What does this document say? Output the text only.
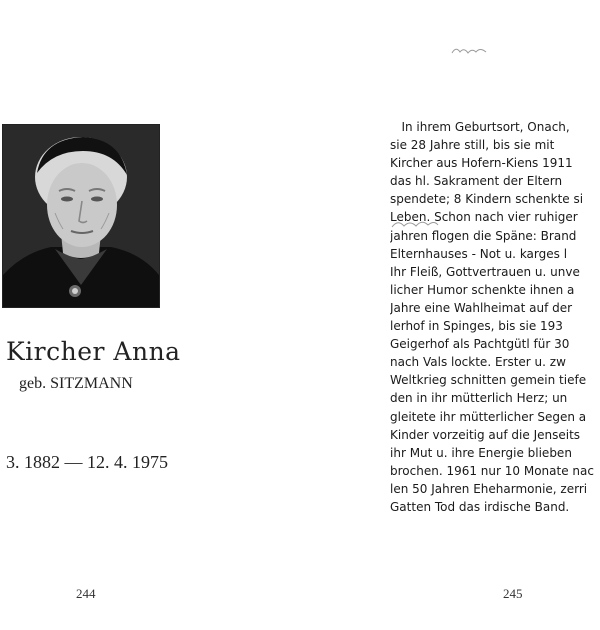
Kircher Anna
geb. SITZMANN
3. 1882 — 12. 4. 1975
244
In ihrem Geburtsort, Onach,
sie 28 Jahre still, bis sie mit
Kircher aus Hofern-Kiens 1911
das hl. Sakrament der Eltern
spendete; 8 Kindern schenkte si
Leben. Schon nach vier ruhiger
jahren flogen die Späne: Brand
Elternhauses - Not u. karges l
Ihr Fleiß, Gottvertrauen u. unve
licher Humor schenkte ihnen a
Jahre eine Wahlheimat auf der
lerhof in Spinges, bis sie 193
Geigerhof als Pachtgütl für 30
nach Vals lockte. Erster u. zw
Weltkrieg schnitten gemein tiefe
den in ihr mütterlich Herz; un
gleitete ihr mütterlicher Segen a
Kinder vorzeitig auf die Jenseits
ihr Mut u. ihre Energie blieben
brochen. 1961 nur 10 Monate nac
len 50 Jahren Eheharmonie, zerri
Gatten Tod das irdische Band.
245
